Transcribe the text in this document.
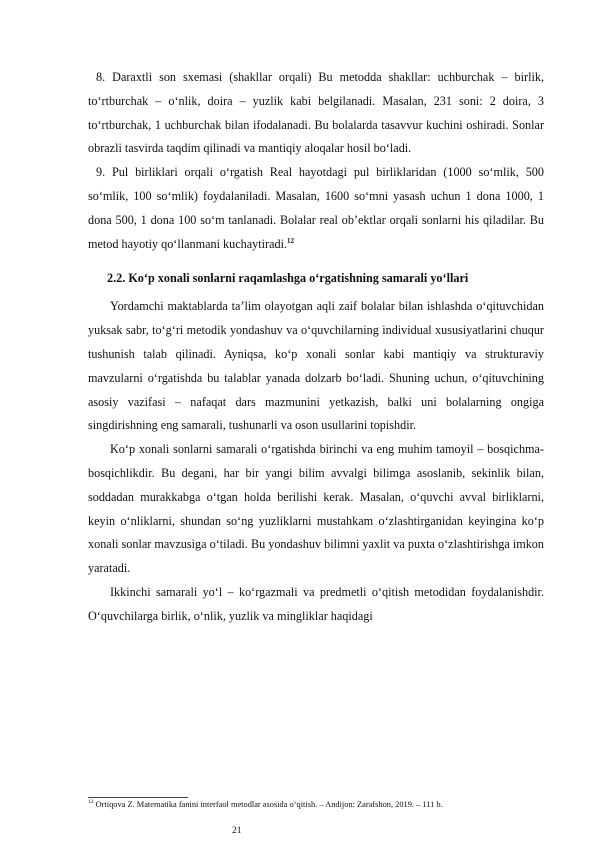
8. Daraxtli son sxemasi (shakllar orqali) Bu metodda shakllar: uchburchak – birlik, to‘rtburchak – o‘nlik, doira – yuzlik kabi belgilanadi. Masalan, 231 soni: 2 doira, 3 to‘rtburchak, 1 uchburchak bilan ifodalanadi. Bu bolalarda tasavvur kuchini oshiradi. Sonlar obrazli tasvirda taqdim qilinadi va mantiqiy aloqalar hosil bo‘ladi.

9. Pul birliklari orqali o‘rgatish Real hayotdagi pul birliklaridan (1000 so‘mlik, 500 so‘mlik, 100 so‘mlik) foydalaniladi. Masalan, 1600 so‘mni yasash uchun 1 dona 1000, 1 dona 500, 1 dona 100 so‘m tanlanadi. Bolalar real ob’ektlar orqali sonlarni his qiladilar. Bu metod hayotiy qo‘llanmani kuchaytiradi.$^{12}$

2.2. Ko‘p xonali sonlarni raqamlashga o‘rgatishning samarali yo‘llari

Yordamchi maktablarda ta’lim olayotgan aqli zaif bolalar bilan ishlashda o‘qituvchidan yuksak sabr, to‘g‘ri metodik yondashuv va o‘quvchilarning individual xususiyatlarini chuqur tushunish talab qilinadi. Ayniqsa, ko‘p xonali sonlar kabi mantiqiy va strukturaviy mavzularni o‘rgatishda bu talablar yanada dolzarb bo‘ladi. Shuning uchun, o‘qituvchining asosiy vazifasi – nafaqat dars mazmunini yetkazish, balki uni bolalarning ongiga singdirishning eng samarali, tushunarli va oson usullarini topishdir.

Ko‘p xonali sonlarni samarali o‘rgatishda birinchi va eng muhim tamoyil – bosqichma-bosqichlikdir. Bu degani, har bir yangi bilim avvalgi bilimga asoslanib, sekinlik bilan, soddadan murakkabga o‘tgan holda berilishi kerak. Masalan, o‘quvchi avval birliklarni, keyin o‘nliklarni, shundan so‘ng yuzliklarni mustahkam o‘zlashtirganidan keyingina ko‘p xonali sonlar mavzusiga o‘tiladi. Bu yondashuv bilimni yaxlit va puxta o‘zlashtirishga imkon yaratadi.

Ikkinchi samarali yo‘l – ko‘rgazmali va predmetli o‘qitish metodidan foydalanishdir. O‘quvchilarga birlik, o‘nlik, yuzlik va mingliklar haqidagi

$^{12}$ Ortiqova Z. Matematika fanini interfaol metodlar asosida o‘qitish. – Andijon: Zarafshon, 2019. – 111 b.
21
